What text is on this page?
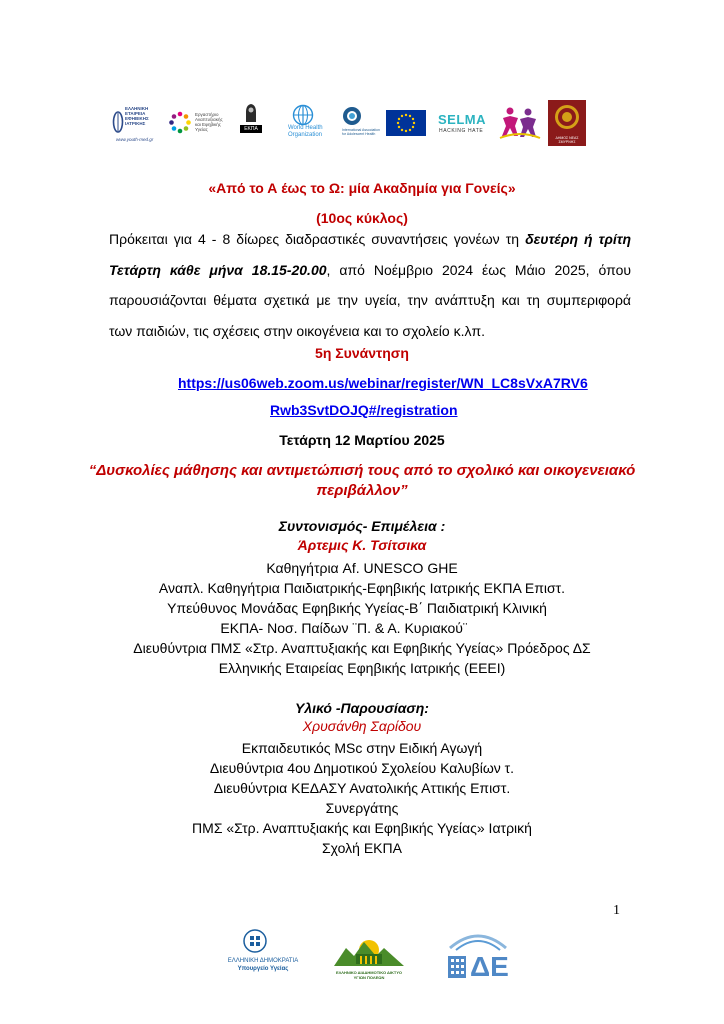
ΕΛΛΗΝΙΚΗ ΕΤΑΙΡΕΙΑ ΕΦΗΒΙΚΗΣ ΙΑΤΡΙΚΗΣ
www.youth-med.gr
Εργαστήριο Αναπτυξιακής και Εφηβικής Υγείας	ΕΚΠΑ	World Health Organization
International Association for Adolescent Health
SELMA
HACKING HATE
ΔΗΜΟΣ ΝΕΑΣ ΣΜΥΡΝΗΣ
«Από το Α έως το Ω: μία Ακαδημία για Γονείς»
(10ος κύκλος)
Πρόκειται για 4 - 8 δίωρες διαδραστικές συναντήσεις γονέων τη δευτέρη ή τρίτη
Τετάρτη κάθε μήνα 18.15-20.00, από Νοέμβριο 2024 έως Μάιο 2025, όπου
παρουσιάζονται θέματα σχετικά με την υγεία, την ανάπτυξη και τη συμπεριφορά
των παιδιών, τις σχέσεις στην οικογένεια και το σχολείο κ.λπ.
5η Συνάντηση
https://us06web.zoom.us/webinar/register/WN_LC8sVxA7RV6
Rwb3SvtDOJQ#/registration
Τετάρτη 12 Μαρτίου 2025
“Δυσκολίες μάθησης και αντιμετώπισή τους από το σχολικό και οικογενειακό
περιβάλλον”
Συντονισμός- Επιμέλεια :
Άρτεμις Κ. Τσίτσικα
Καθηγήτρια Af. UNESCO GHE
Αναπλ. Καθηγήτρια Παιδιατρικής-Εφηβικής Ιατρικής ΕΚΠΑ Επιστ.
Υπεύθυνος Μονάδας Εφηβικής Υγείας-Β΄ Παιδιατρική Κλινική
ΕΚΠΑ- Νοσ. Παίδων ¨Π. & Α. Κυριακού¨
Διευθύντρια ΠΜΣ «Στρ. Αναπτυξιακής και Εφηβικής Υγείας» Πρόεδρος ΔΣ
Ελληνικής Εταιρείας Εφηβικής Ιατρικής (ΕΕΕΙ)
Υλικό -Παρουσίαση:
Χρυσάνθη Σαρίδου
Εκπαιδευτικός MSc στην Ειδική Αγωγή
Διευθύντρια 4ου Δημοτικού Σχολείου Καλυβίων τ.
Διευθύντρια ΚΕΔΑΣΥ Ανατολικής Αττικής Επιστ.
Συνεργάτης
ΠΜΣ «Στρ. Αναπτυξιακής και Εφηβικής Υγείας» Ιατρική
Σχολή ΕΚΠΑ
1
ΕΛΛΗΝΙΚΗ ΔΗΜΟΚΡΑΤΙΑ
Υπουργείο Υγείας
ΕΛΛΗΝΙΚΟ ΔΙΑΔΗΜΟΤΙΚΟ ΔΙΚΤΥΟ ΥΓΙΩΝ ΠΟΛΕΩΝ	ΔΕ
